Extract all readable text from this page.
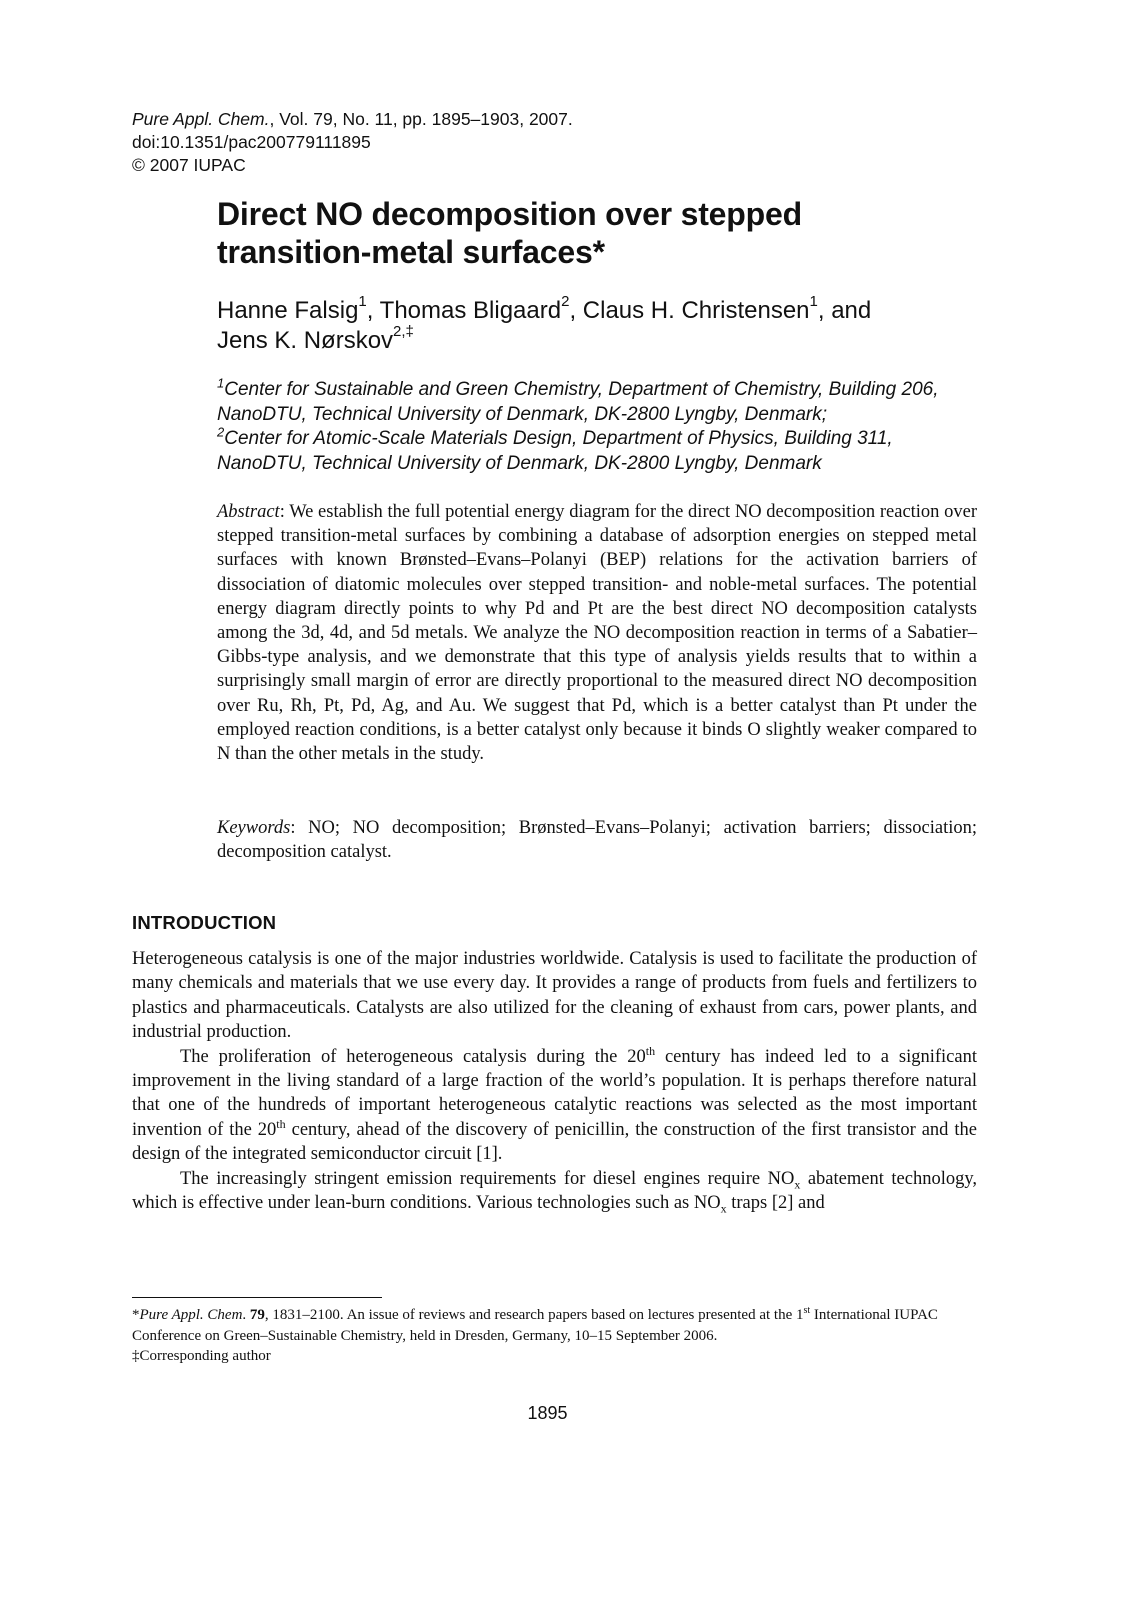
Pure Appl. Chem., Vol. 79, No. 11, pp. 1895–1903, 2007.
doi:10.1351/pac200779111895
© 2007 IUPAC
Direct NO decomposition over stepped
transition-metal surfaces*
Hanne Falsig$^1$, Thomas Bligaard$^2$, Claus H. Christensen$^1$, and
Jens K. Nørskov$^{2,\ddagger}$
$^1$Center for Sustainable and Green Chemistry, Department of Chemistry, Building 206, NanoDTU, Technical University of Denmark, DK-2800 Lyngby, Denmark;
$^2$Center for Atomic-Scale Materials Design, Department of Physics, Building 311, NanoDTU, Technical University of Denmark, DK-2800 Lyngby, Denmark
Abstract: We establish the full potential energy diagram for the direct NO decomposition reaction over stepped transition-metal surfaces by combining a database of adsorption energies on stepped metal surfaces with known Brønsted–Evans–Polanyi (BEP) relations for the activation barriers of dissociation of diatomic molecules over stepped transition- and noble-metal surfaces. The potential energy diagram directly points to why Pd and Pt are the best direct NO decomposition catalysts among the 3d, 4d, and 5d metals. We analyze the NO decomposition reaction in terms of a Sabatier–Gibbs-type analysis, and we demonstrate that this type of analysis yields results that to within a surprisingly small margin of error are directly proportional to the measured direct NO decomposition over Ru, Rh, Pt, Pd, Ag, and Au. We suggest that Pd, which is a better catalyst than Pt under the employed reaction conditions, is a better catalyst only because it binds O slightly weaker compared to N than the other metals in the study.
Keywords: NO; NO decomposition; Brønsted–Evans–Polanyi; activation barriers; dissociation; decomposition catalyst.
INTRODUCTION

Heterogeneous catalysis is one of the major industries worldwide. Catalysis is used to facilitate the production of many chemicals and materials that we use every day. It provides a range of products from fuels and fertilizers to plastics and pharmaceuticals. Catalysts are also utilized for the cleaning of exhaust from cars, power plants, and industrial production.

The proliferation of heterogeneous catalysis during the 20th century has indeed led to a significant improvement in the living standard of a large fraction of the world’s population. It is perhaps therefore natural that one of the hundreds of important heterogeneous catalytic reactions was selected as the most important invention of the 20th century, ahead of the discovery of penicillin, the construction of the first transistor and the design of the integrated semiconductor circuit [1].

The increasingly stringent emission requirements for diesel engines require $NO_x$ abatement technology, which is effective under lean-burn conditions. Various technologies such as $NO_x$ traps [2] and

*Pure Appl. Chem. 79, 1831–2100. An issue of reviews and research papers based on lectures presented at the 1st International IUPAC Conference on Green–Sustainable Chemistry, held in Dresden, Germany, 10–15 September 2006.

‡Corresponding author

1895
